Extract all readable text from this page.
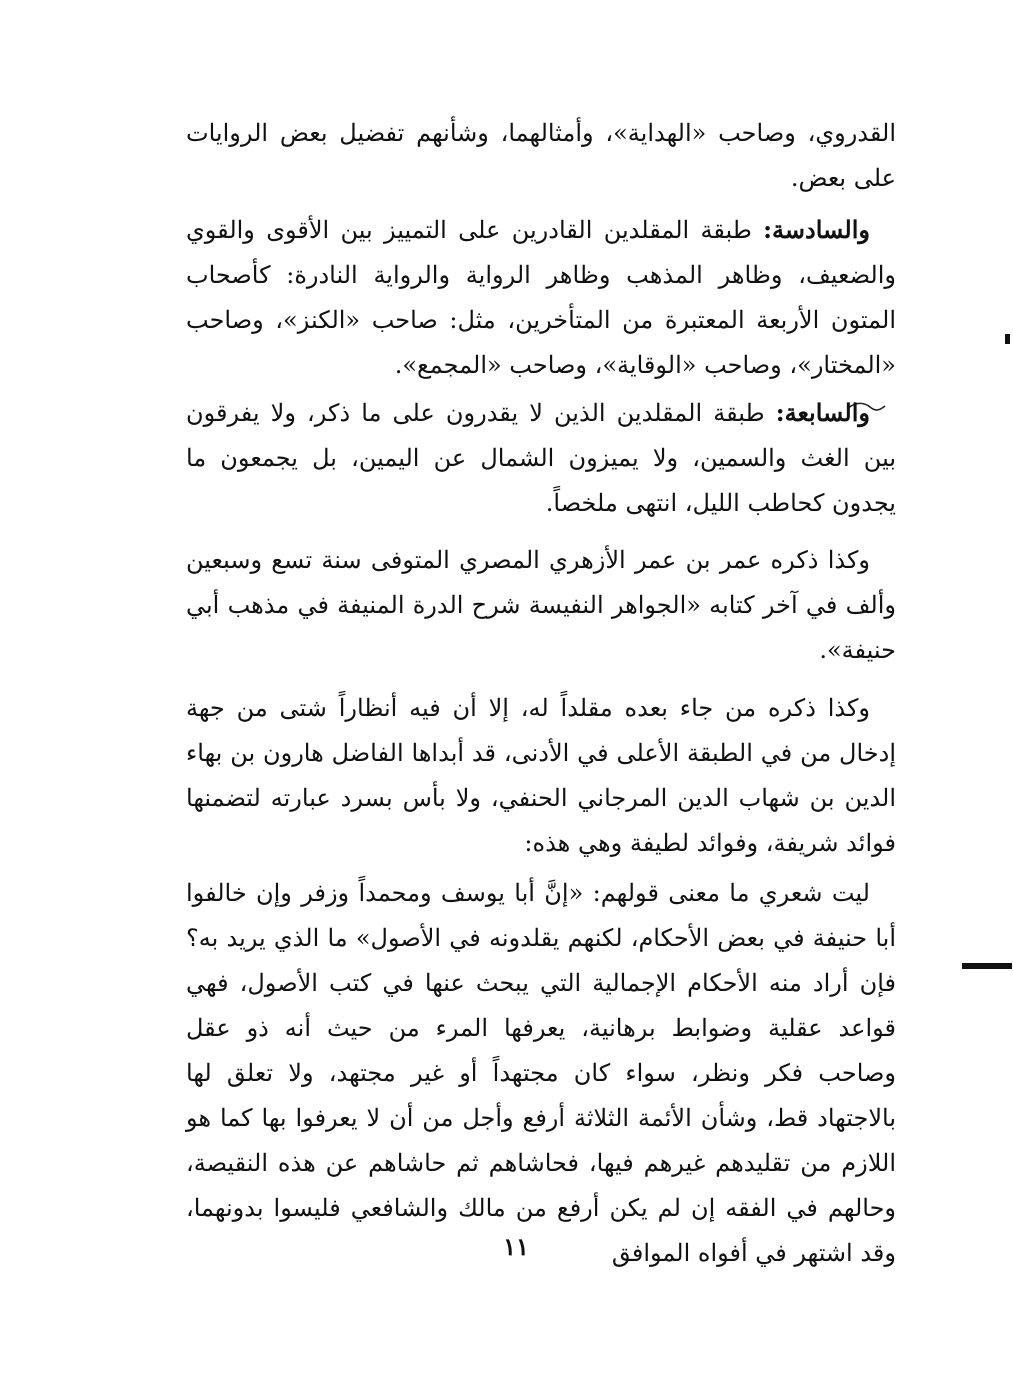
القدروي، وصاحب «الهداية»، وأمثالهما، وشأنهم تفضيل بعض الروايات على بعض.

والسادسة: طبقة المقلدين القادرين على التمييز بين الأقوى والقوي والضعيف، وظاهر المذهب وظاهر الرواية والرواية النادرة: كأصحاب المتون الأربعة المعتبرة من المتأخرين، مثل: صاحب «الكنز»، وصاحب «المختار»، وصاحب «الوقاية»، وصاحب «المجمع».

والسابعة: طبقة المقلدين الذين لا يقدرون على ما ذكر، ولا يفرقون بين الغث والسمين، ولا يميزون الشمال عن اليمين، بل يجمعون ما يجدون كحاطب الليل، انتهى ملخصاً.

وكذا ذكره عمر بن عمر الأزهري المصري المتوفى سنة تسع وسبعين وألف في آخر كتابه «الجواهر النفيسة شرح الدرة المنيفة في مذهب أبي حنيفة».

وكذا ذكره من جاء بعده مقلداً له، إلا أن فيه أنظاراً شتى من جهة إدخال من في الطبقة الأعلى في الأدنى، قد أبداها الفاضل هارون بن بهاء الدين بن شهاب الدين المرجاني الحنفي، ولا بأس بسرد عبارته لتضمنها فوائد شريفة، وفوائد لطيفة وهي هذه:

ليت شعري ما معنى قولهم: «إنَّ أبا يوسف ومحمداً وزفر وإن خالفوا أبا حنيفة في بعض الأحكام، لكنهم يقلدونه في الأصول» ما الذي يريد به؟ فإن أراد منه الأحكام الإجمالية التي يبحث عنها في كتب الأصول، فهي قواعد عقلية وضوابط برهانية، يعرفها المرء من حيث أنه ذو عقل وصاحب فكر ونظر، سواء كان مجتهداً أو غير مجتهد، ولا تعلق لها بالاجتهاد قط، وشأن الأئمة الثلاثة أرفع وأجل من أن لا يعرفوا بها كما هو اللازم من تقليدهم غيرهم فيها، فحاشاهم ثم حاشاهم عن هذه النقيصة، وحالهم في الفقه إن لم يكن أرفع من مالك والشافعي فليسوا بدونهما، وقد اشتهر في أفواه الموافق

١١
